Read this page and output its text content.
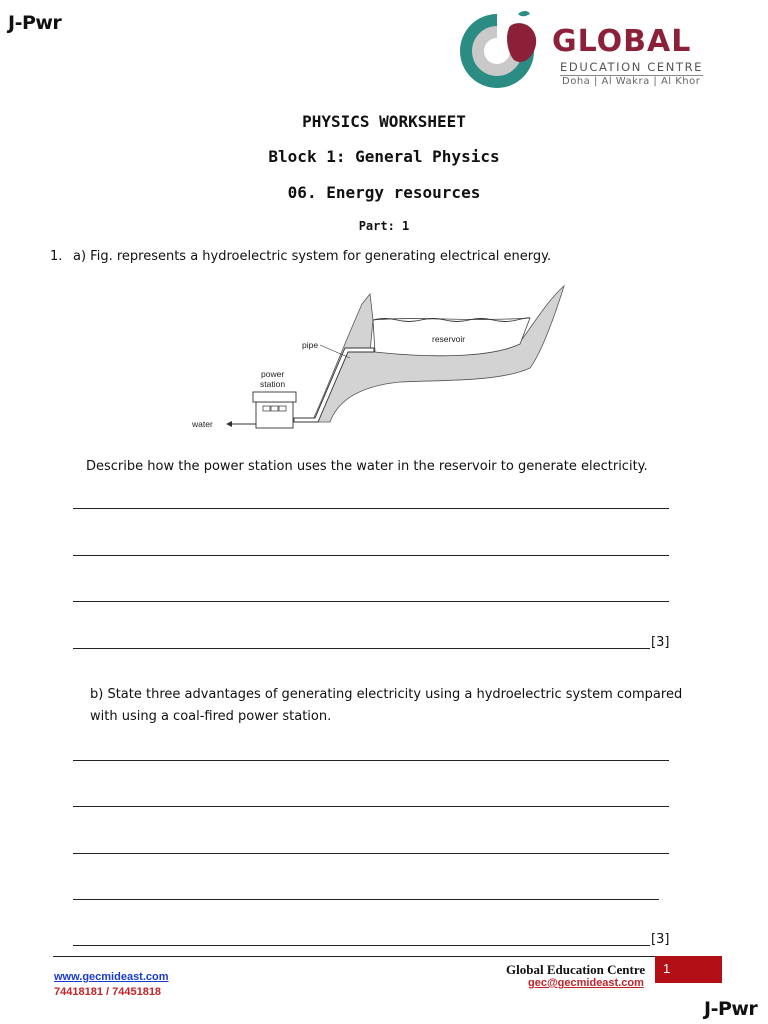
J-Pwr
J-Pwr
GLOBAL
EDUCATION CENTRE
Doha | Al Wakra | Al Khor
PHYSICS WORKSHEET
Block 1: General Physics
06. Energy resources
Part: 1
1. a) Fig. represents a hydroelectric system for generating electrical energy.
pipe
reservoir
power
station
water
Describe how the power station uses the water in the reservoir to generate electricity.
[3]
b) State three advantages of generating electricity using a hydroelectric system compared
with using a coal-fired power station.
[3]
www.gecmideast.com
74418181 / 74451818
Global Education Centre
gec@gecmideast.com
1
